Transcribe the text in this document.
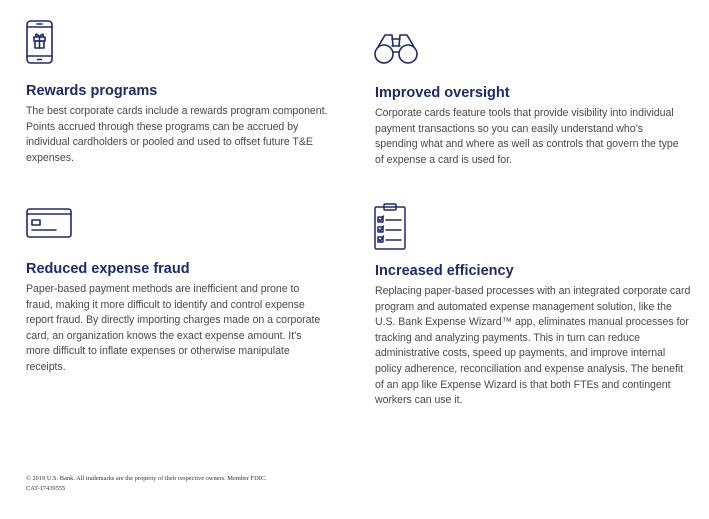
Rewards programs

The best corporate cards include a rewards program component. Points accrued through these programs can be accrued by individual cardholders or pooled and used to offset future T&E expenses.

Improved oversight

Corporate cards feature tools that provide visibility into individual payment transactions so you can easily understand who’s spending what and where as well as controls that govern the type of expense a card is used for.

Reduced expense fraud

Paper-based payment methods are inefficient and prone to fraud, making it more difficult to identify and control expense report fraud. By directly importing charges made on a corporate card, an organization knows the exact expense amount. It’s more difficult to inflate expenses or otherwise manipulate receipts.

Increased efficiency

Replacing paper-based processes with an integrated corporate card program and automated expense management solution, like the U.S. Bank Expense Wizard™ app, eliminates manual processes for tracking and analyzing payments. This in turn can reduce administrative costs, speed up payments, and improve internal policy adherence, reconciliation and expense analysis. The benefit of an app like Expense Wizard is that both FTEs and contingent workers can use it.

© 2019 U.S. Bank. All trademarks are the property of their respective owners. Member FDIC.
CAT-17439555
